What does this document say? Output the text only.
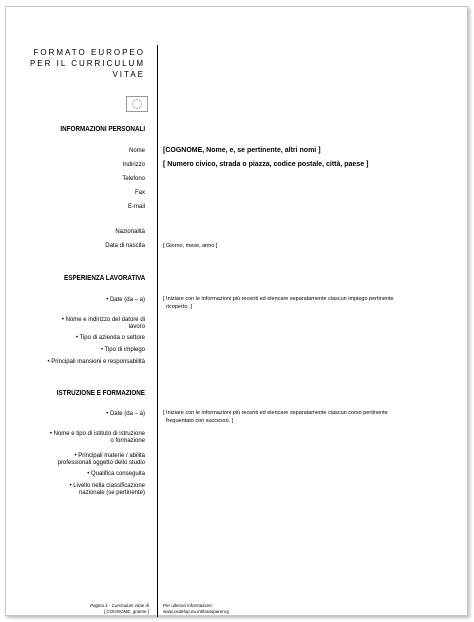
FORMATO EUROPEO
PER IL CURRICULUM
VITAE
INFORMAZIONI PERSONALI
Nome	[COGNOME, Nome, e, se pertinente, altri nomi ]
Indirizzo	[ Numero civico, strada o piazza, codice postale, città, paese ]
Telefono
Fax
E-mail
Nazionalità
Data di nascita	[ Giorno, mese, anno ]
ESPERIENZA LAVORATIVA
• Date (da – a)	[ Iniziare con le informazioni più recenti ed elencare separatamente ciascun impiego pertinente
ricoperto. ]
• Nome e indirizzo del datore di
lavoro
• Tipo di azienda o settore
• Tipo di impiego
• Principali mansioni e responsabilità
ISTRUZIONE E FORMAZIONE
• Date (da – a)	[ Iniziare con le informazioni più recenti ed elencare separatamente ciascun corso pertinente
frequentato con successo. ]
• Nome e tipo di istituto di istruzione
o formazione
• Principali materie / abilità
professionali oggetto dello studio
• Qualifica conseguita
• Livello nella classificazione
nazionale (se pertinente)
Pagina 1 - Curriculum vitae di
[ COGNOME, gnome ]
Per ulteriori informazioni:
www.cedefop.eu.int/transparency
